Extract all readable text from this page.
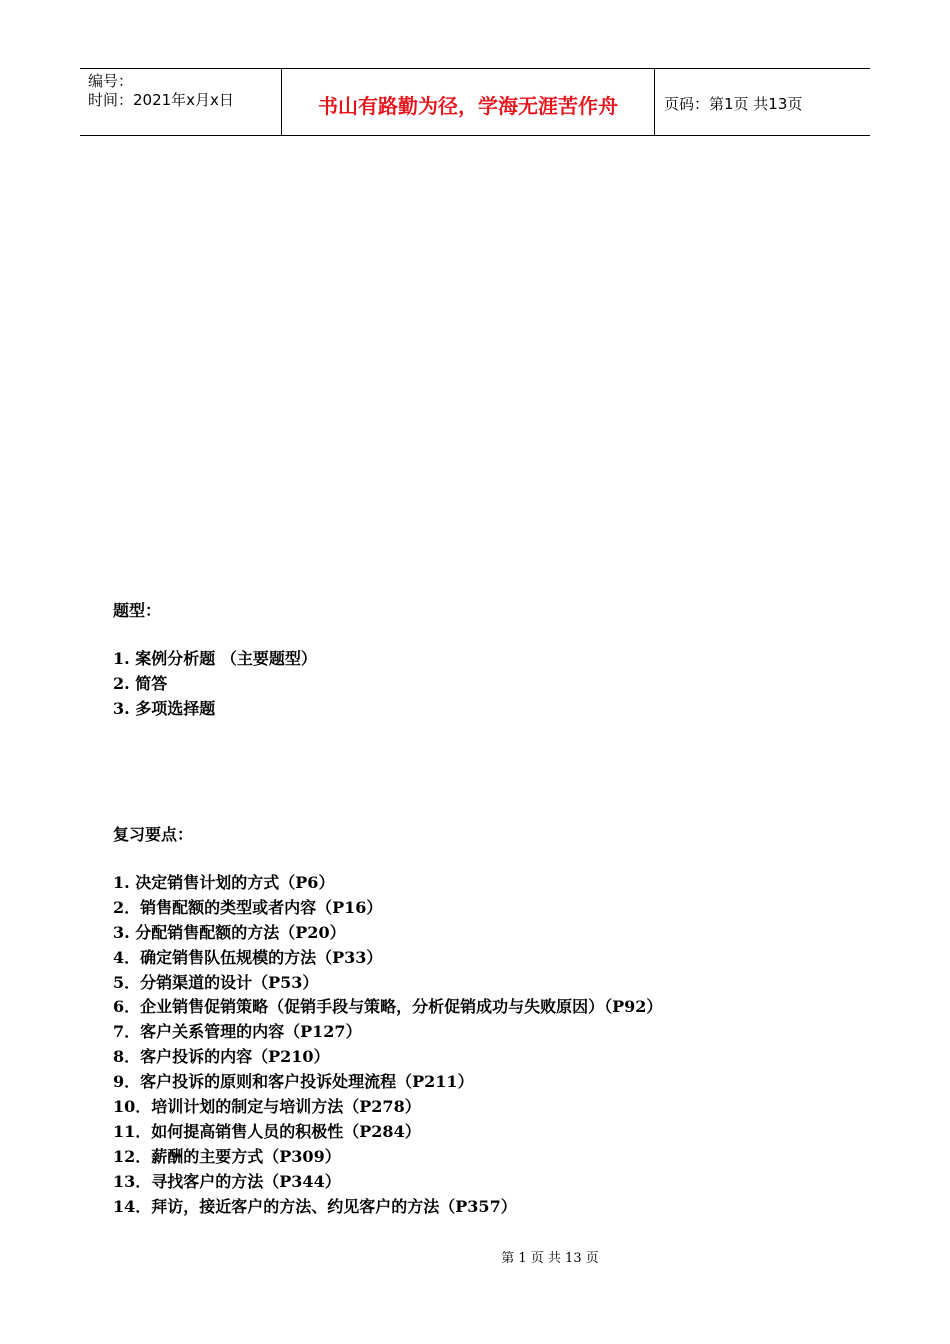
编号：
时间：2021年x月x日	书山有路勤为径，学海无涯苦作舟	页码：第1页 共13页
题型：
1. 案例分析题 （主要题型）
2. 简答
3. 多项选择题
复习要点：
1. 决定销售计划的方式（P6）
2．销售配额的类型或者内容（P16）
3. 分配销售配额的方法（P20）
4．确定销售队伍规模的方法（P33）
5．分销渠道的设计（P53）
6．企业销售促销策略（促销手段与策略，分析促销成功与失败原因）（P92）
7．客户关系管理的内容（P127）
8．客户投诉的内容（P210）
9．客户投诉的原则和客户投诉处理流程（P211）
10．培训计划的制定与培训方法（P278）
11．如何提高销售人员的积极性（P284）
12．薪酬的主要方式（P309）
13．寻找客户的方法（P344）
14．拜访，接近客户的方法、约见客户的方法（P357）
第 1 页 共 13 页
